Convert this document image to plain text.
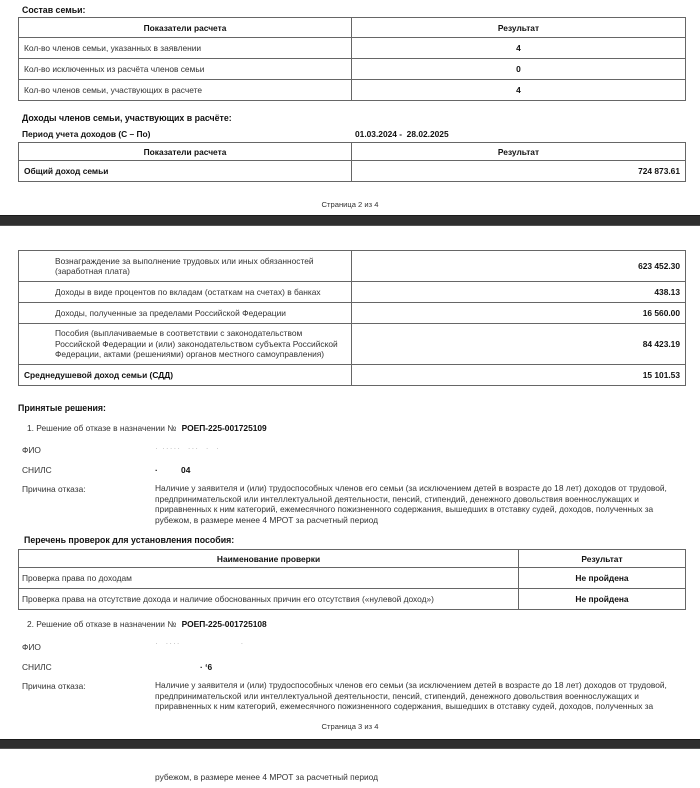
Состав семьи:
Показатели расчета	Результат
Кол-во членов семьи, указанных в заявлении	4
Кол-во исключенных из расчёта членов семьи	0
Кол-во членов семьи, участвующих в расчете	4
Доходы членов семьи, участвующих в расчёте:
Период учета доходов (С – По)	01.03.2024 -  28.02.2025
Показатели расчета	Результат
Общий доход семьи	724 873.61
Страница 2 из 4
Вознаграждение за выполнение трудовых или иных обязанностей (заработная плата)	623 452.30
Доходы в виде процентов по вкладам (остаткам на счетах) в банках	438.13
Доходы, полученные за пределами Российской Федерации	16 560.00
Пособия (выплачиваемые в соответствии с законодательством Российской Федерации и (или) законодательством субъекта Российской Федерации, актами (решениями) органов местного самоуправления)	84 423.19
Среднедушевой доход семьи (СДД)	15 101.53
Принятые решения:
1. Решение об отказе в назначении № РОЕП-225-001725109
ФИО	· ·····  ···  ·  ·
СНИЛС	·          04
Причина отказа:	Наличие у заявителя и (или) трудоспособных членов его семьи (за исключением детей в возрасте до 18 лет) доходов от трудовой, предпринимательской или интеллектуальной деятельности, пенсий, стипендий, денежного довольствия военнослужащих и приравненных к ним категорий, ежемесячного пожизненного содержания, вышедших в отставку судей, доходов, полученных за рубежом, в размере менее 4 МРОТ за расчетный период
Перечень проверок для установления пособия:
Наименование проверки	Результат
Проверка права по доходам	Не пройдена
Проверка права на отсутствие дохода и наличие обоснованных причин его отсутствия («нулевой доход»)	Не пройдена
2. Решение об отказе в назначении № РОЕП-225-001725108
ФИО	·  ····                  ·
СНИЛС	· ‘6
Причина отказа:	Наличие у заявителя и (или) трудоспособных членов его семьи (за исключением детей в возрасте до 18 лет) доходов от трудовой, предпринимательской или интеллектуальной деятельности, пенсий, стипендий, денежного довольствия военнослужащих и приравненных к ним категорий, ежемесячного пожизненного содержания, вышедших в отставку судей, доходов, полученных за
Страница 3 из 4
рубежом, в размере менее 4 МРОТ за расчетный период
